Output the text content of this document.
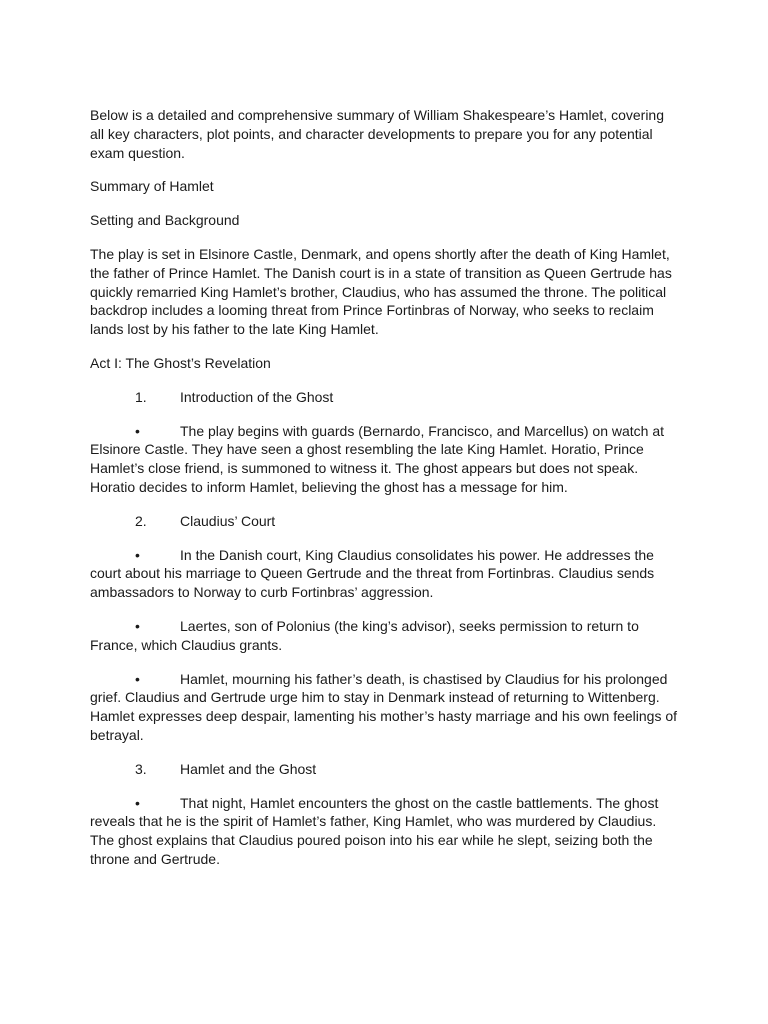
Below is a detailed and comprehensive summary of William Shakespeare’s Hamlet, covering all key characters, plot points, and character developments to prepare you for any potential exam question.

Summary of Hamlet

Setting and Background

The play is set in Elsinore Castle, Denmark, and opens shortly after the death of King Hamlet, the father of Prince Hamlet. The Danish court is in a state of transition as Queen Gertrude has quickly remarried King Hamlet’s brother, Claudius, who has assumed the throne. The political backdrop includes a looming threat from Prince Fortinbras of Norway, who seeks to reclaim lands lost by his father to the late King Hamlet.

Act I: The Ghost’s Revelation

1. Introduction of the Ghost

•	The play begins with guards (Bernardo, Francisco, and Marcellus) on watch at Elsinore Castle. They have seen a ghost resembling the late King Hamlet. Horatio, Prince Hamlet’s close friend, is summoned to witness it. The ghost appears but does not speak. Horatio decides to inform Hamlet, believing the ghost has a message for him.

2. Claudius’ Court

•	In the Danish court, King Claudius consolidates his power. He addresses the court about his marriage to Queen Gertrude and the threat from Fortinbras. Claudius sends ambassadors to Norway to curb Fortinbras’ aggression.

•	Laertes, son of Polonius (the king’s advisor), seeks permission to return to France, which Claudius grants.

•	Hamlet, mourning his father’s death, is chastised by Claudius for his prolonged grief. Claudius and Gertrude urge him to stay in Denmark instead of returning to Wittenberg. Hamlet expresses deep despair, lamenting his mother’s hasty marriage and his own feelings of betrayal.

3. Hamlet and the Ghost

•	That night, Hamlet encounters the ghost on the castle battlements. The ghost reveals that he is the spirit of Hamlet’s father, King Hamlet, who was murdered by Claudius. The ghost explains that Claudius poured poison into his ear while he slept, seizing both the throne and Gertrude.
